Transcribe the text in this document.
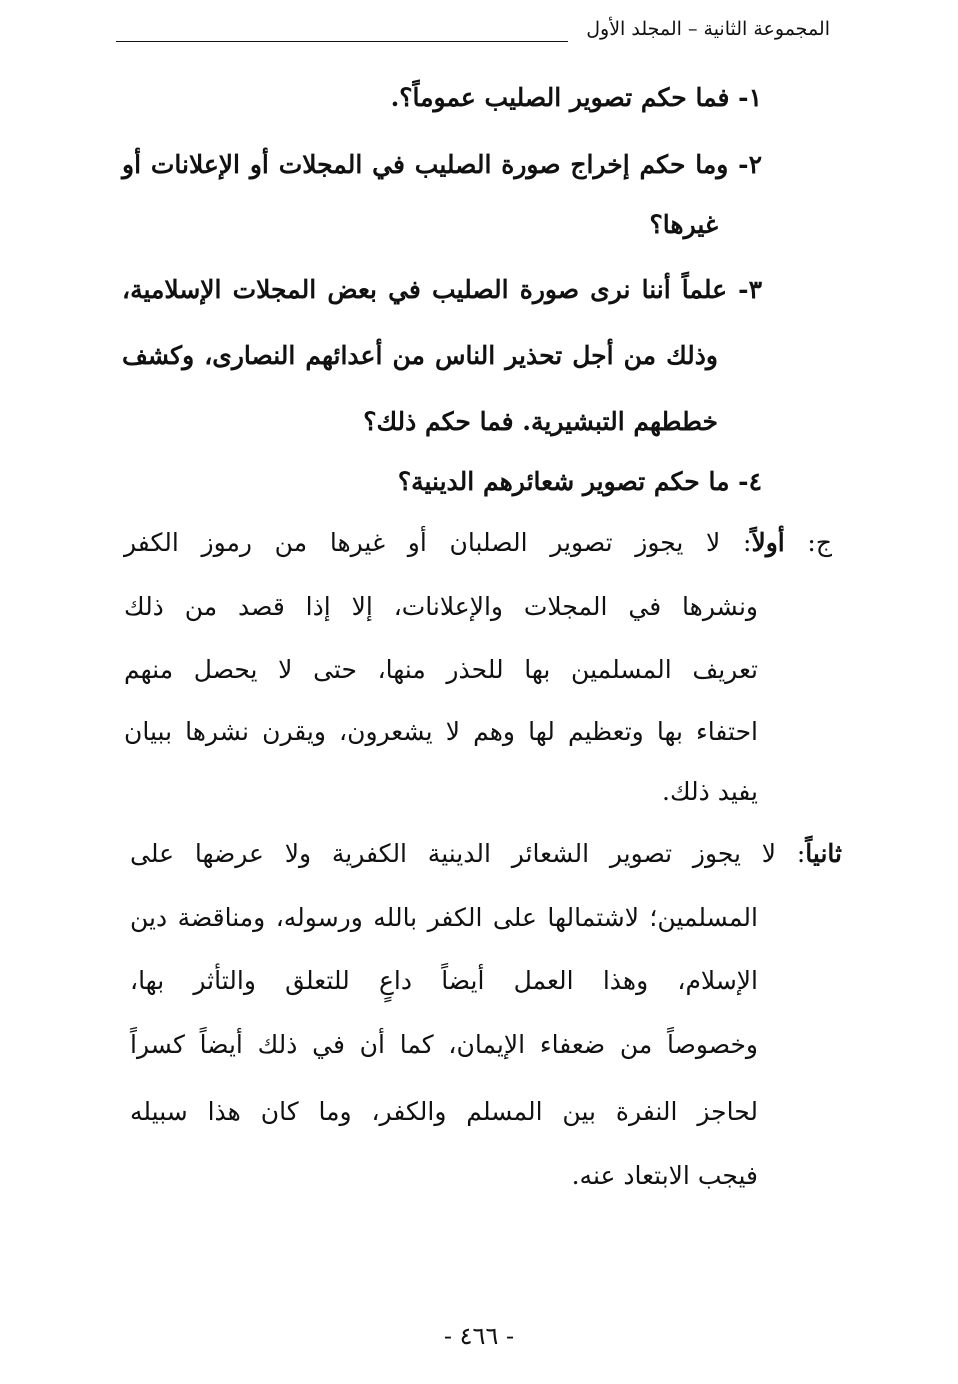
المجموعة الثانية – المجلد الأول
١- فما حكم تصوير الصليب عموماً؟.
٢- وما حكم إخراج صورة الصليب في المجلات أو الإعلانات أو
غيرها؟
٣- علماً أننا نرى صورة الصليب في بعض المجلات الإسلامية،
وذلك من أجل تحذير الناس من أعدائهم النصارى، وكشف
خططهم التبشيرية. فما حكم ذلك؟
٤- ما حكم تصوير شعائرهم الدينية؟
ج: أولاً: لا يجوز تصوير الصلبان أو غيرها من رموز الكفر
ونشرها في المجلات والإعلانات، إلا إذا قصد من ذلك
تعريف المسلمين بها للحذر منها، حتى لا يحصل منهم
احتفاء بها وتعظيم لها وهم لا يشعرون، ويقرن نشرها ببيان
يفيد ذلك.
ثانياً: لا يجوز تصوير الشعائر الدينية الكفرية ولا عرضها على
المسلمين؛ لاشتمالها على الكفر بالله ورسوله، ومناقضة دين
الإسلام، وهذا العمل أيضاً داعٍ للتعلق والتأثر بها،
وخصوصاً من ضعفاء الإيمان، كما أن في ذلك أيضاً كسراً
لحاجز النفرة بين المسلم والكفر، وما كان هذا سبيله
فيجب الابتعاد عنه.
- ٤٦٦ -
